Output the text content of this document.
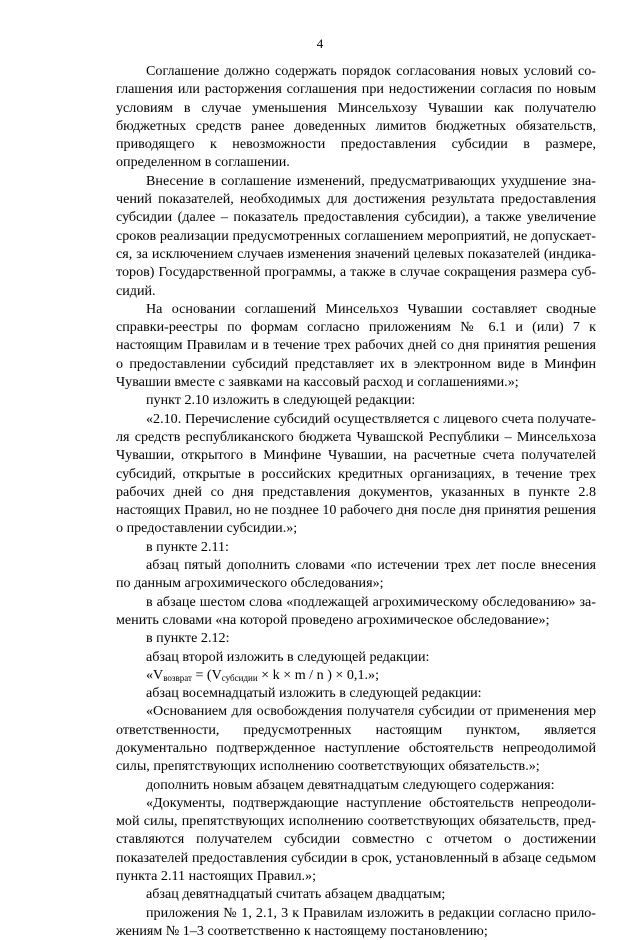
4

Соглашение должно содержать порядок согласования новых условий соглашения или расторжения соглашения при недостижении согласия по новым условиям в случае уменьшения Минсельхозу Чувашии как получателю бюджетных средств ранее доведенных лимитов бюджетных обязательств, приводящего к невозможности предоставления субсидии в размере, определенном в соглашении.

Внесение в соглашение изменений, предусматривающих ухудшение значений показателей, необходимых для достижения результата предоставления субсидии (далее – показатель предоставления субсидии), а также увеличение сроков реализации предусмотренных соглашением мероприятий, не допускается, за исключением случаев изменения значений целевых показателей (индикаторов) Государственной программы, а также в случае сокращения размера субсидий.

На основании соглашений Минсельхоз Чувашии составляет сводные справки-реестры по формам согласно приложениям № 6.1 и (или) 7 к настоящим Правилам и в течение трех рабочих дней со дня принятия решения о предоставлении субсидий представляет их в электронном виде в Минфин Чувашии вместе с заявками на кассовый расход и соглашениями.»;

пункт 2.10 изложить в следующей редакции:

«2.10. Перечисление субсидий осуществляется с лицевого счета получателя средств республиканского бюджета Чувашской Республики – Минсельхоза Чувашии, открытого в Минфине Чувашии, на расчетные счета получателей субсидий, открытые в российских кредитных организациях, в течение трех рабочих дней со дня представления документов, указанных в пункте 2.8 настоящих Правил, но не позднее 10 рабочего дня после дня принятия решения о предоставлении субсидии.»;

в пункте 2.11:

абзац пятый дополнить словами «по истечении трех лет после внесения по данным агрохимического обследования»;

в абзаце шестом слова «подлежащей агрохимическому обследованию» заменить словами «на которой проведено агрохимическое обследование»;

в пункте 2.12:

абзац второй изложить в следующей редакции:

«$V_{возврат} = (V_{субсидии} \times k \times m / n$ ) × 0,1.»;

абзац восемнадцатый изложить в следующей редакции:

«Основанием для освобождения получателя субсидии от применения мер ответственности, предусмотренных настоящим пунктом, является документально подтвержденное наступление обстоятельств непреодолимой силы, препятствующих исполнению соответствующих обязательств.»;

дополнить новым абзацем девятнадцатым следующего содержания:

«Документы, подтверждающие наступление обстоятельств непреодолимой силы, препятствующих исполнению соответствующих обязательств, представляются получателем субсидии совместно с отчетом о достижении показателей предоставления субсидии в срок, установленный в абзаце седьмом пункта 2.11 настоящих Правил.»;

абзац девятнадцатый считать абзацем двадцатым;

приложения № 1, 2.1, 3 к Правилам изложить в редакции согласно приложениям № 1–3 соответственно к настоящему постановлению;
